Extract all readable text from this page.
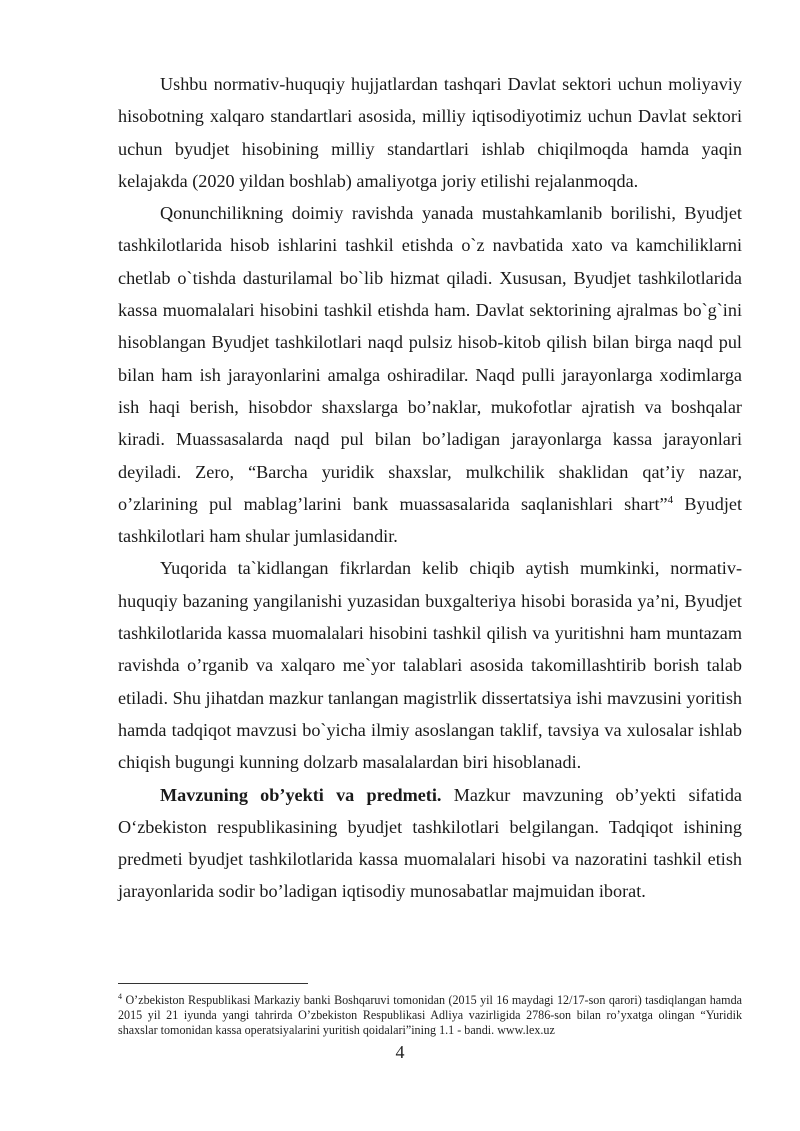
Ushbu normativ-huquqiy hujjatlardan tashqari Davlat sektori uchun moliyaviy hisobotning xalqaro standartlari asosida, milliy iqtisodiyotimiz uchun Davlat sektori uchun byudjet hisobining milliy standartlari ishlab chiqilmoqda hamda yaqin kelajakda (2020 yildan boshlab) amaliyotga joriy etilishi rejalanmoqda.

Qonunchilikning doimiy ravishda yanada mustahkamlanib borilishi, Byudjet tashkilotlarida hisob ishlarini tashkil etishda o`z navbatida xato va kamchiliklarni chetlab o`tishda dasturilamal bo`lib hizmat qiladi. Xususan, Byudjet tashkilotlarida kassa muomalalari hisobini tashkil etishda ham. Davlat sektorining ajralmas bo`g`ini hisoblangan Byudjet tashkilotlari naqd pulsiz hisob-kitob qilish bilan birga naqd pul bilan ham ish jarayonlarini amalga oshiradilar. Naqd pulli jarayonlarga xodimlarga ish haqi berish, hisobdor shaxslarga bo’naklar, mukofotlar ajratish va boshqalar kiradi. Muassasalarda naqd pul bilan bo’ladigan jarayonlarga kassa jarayonlari deyiladi. Zero, “Barcha yuridik shaxslar, mulkchilik shaklidan qat’iy nazar, o’zlarining pul mablag’larini bank muassasalarida saqlanishlari shart”$^4$ Byudjet tashkilotlari ham shular jumlasidandir.

Yuqorida ta`kidlangan fikrlardan kelib chiqib aytish mumkinki, normativ-huquqiy bazaning yangilanishi yuzasidan buxgalteriya hisobi borasida ya’ni, Byudjet tashkilotlarida kassa muomalalari hisobini tashkil qilish va yuritishni ham muntazam ravishda o’rganib va xalqaro me`yor talablari asosida takomillashtirib borish talab etiladi. Shu jihatdan mazkur tanlangan magistrlik dissertatsiya ishi mavzusini yoritish hamda tadqiqot mavzusi bo`yicha ilmiy asoslangan taklif, tavsiya va xulosalar ishlab chiqish bugungi kunning dolzarb masalalardan biri hisoblanadi.

Mavzuning ob’yekti va predmeti. Mazkur mavzuning ob’yekti sifatida O‘zbekiston respublikasining byudjet tashkilotlari belgilangan. Tadqiqot ishining predmeti byudjet tashkilotlarida kassa muomalalari hisobi va nazoratini tashkil etish jarayonlarida sodir bo’ladigan iqtisodiy munosabatlar majmuidan iborat.

$^4$ O’zbekiston Respublikasi Markaziy banki Boshqaruvi tomonidan (2015 yil 16 maydagi 12/17-son qarori) tasdiqlangan hamda 2015 yil 21 iyunda yangi tahrirda O’zbekiston Respublikasi Adliya vazirligida 2786-son bilan ro’yxatga olingan “Yuridik shaxslar tomonidan kassa operatsiyalarini yuritish qoidalari”ining 1.1 - bandi. www.lex.uz
4
